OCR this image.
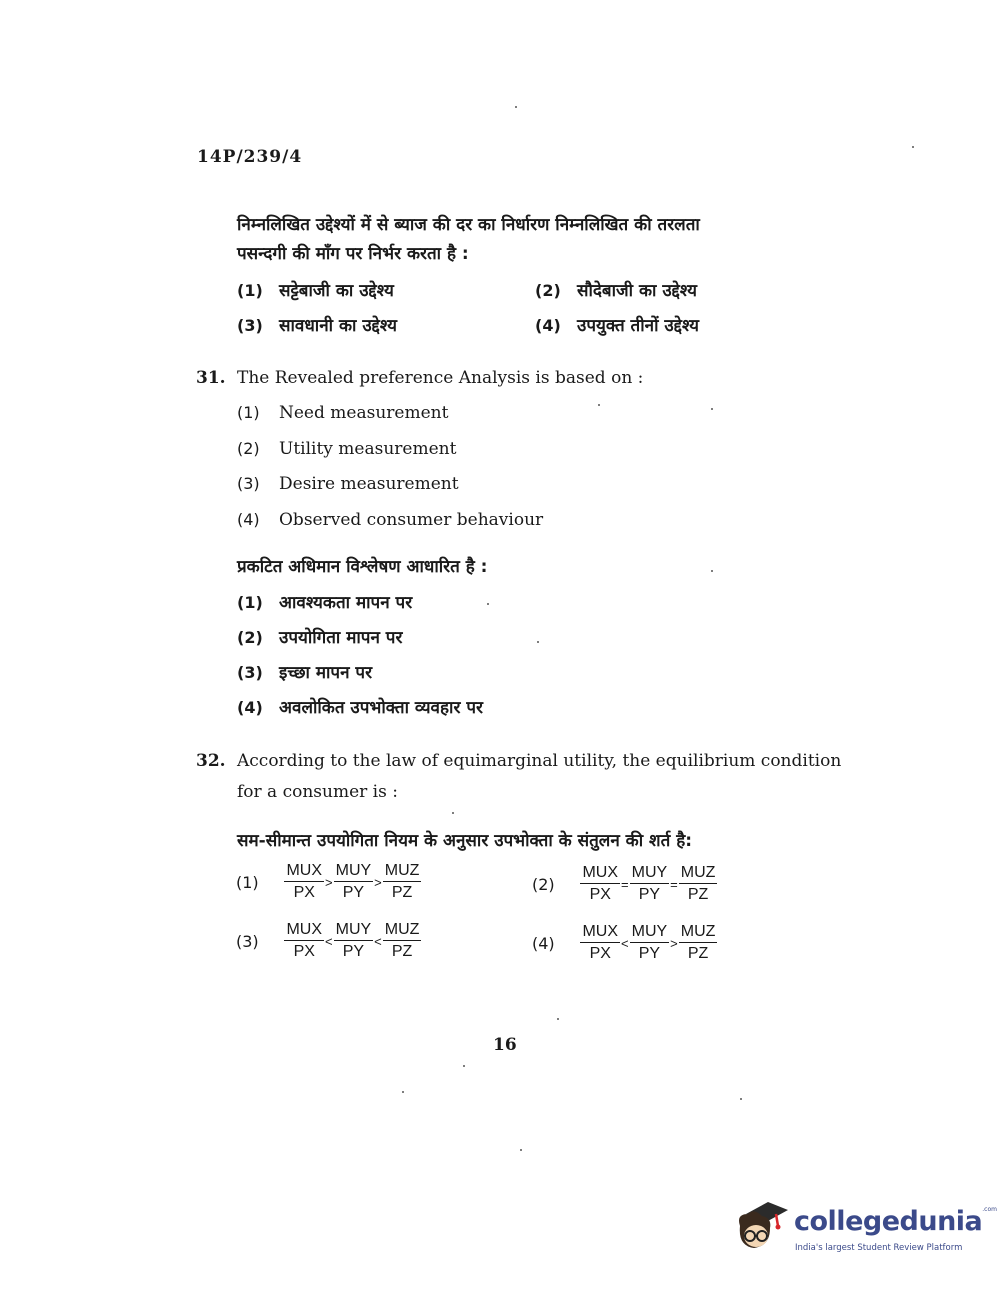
14P/239/4
निम्नलिखित उद्देश्यों में से ब्याज की दर का निर्धारण निम्नलिखित की तरलता
पसन्दगी की माँग पर निर्भर करता है :
(1) सट्टेबाजी का उद्देश्य	(2) सौदेबाजी का उद्देश्य
(3) सावधानी का उद्देश्य	(4) उपयुक्त तीनों उद्देश्य
31. The Revealed preference Analysis is based on :
(1) Need measurement
(2) Utility measurement
(3) Desire measurement
(4) Observed consumer behaviour
प्रकटित अधिमान विश्लेषण आधारित है :
(1) आवश्यकता मापन पर
(2) उपयोगिता मापन पर
(3) इच्छा मापन पर
(4) अवलोकित उपभोक्ता व्यवहार पर
32. According to the law of equimarginal utility, the equilibrium condition
for a consumer is :
सम-सीमान्त उपयोगिता नियम के अनुसार उपभोक्ता के संतुलन की शर्त है:
$(1) \frac{\text{MUX}}{PX} > \frac{\text{MUY}}{PY} > \frac{\text{MUZ}}{PZ}$	$(2) \frac{\text{MUX}}{PX} = \frac{\text{MUY}}{PY} = \frac{\text{MUZ}}{PZ}$
$(3) \frac{\text{MUX}}{PX} < \frac{\text{MUY}}{PY} < \frac{\text{MUZ}}{PZ}$	$(4) \frac{\text{MUX}}{PX} < \frac{\text{MUY}}{PY} > \frac{\text{MUZ}}{PZ}$
16
collegedunia$^{.com}$
India's largest Student Review Platform
